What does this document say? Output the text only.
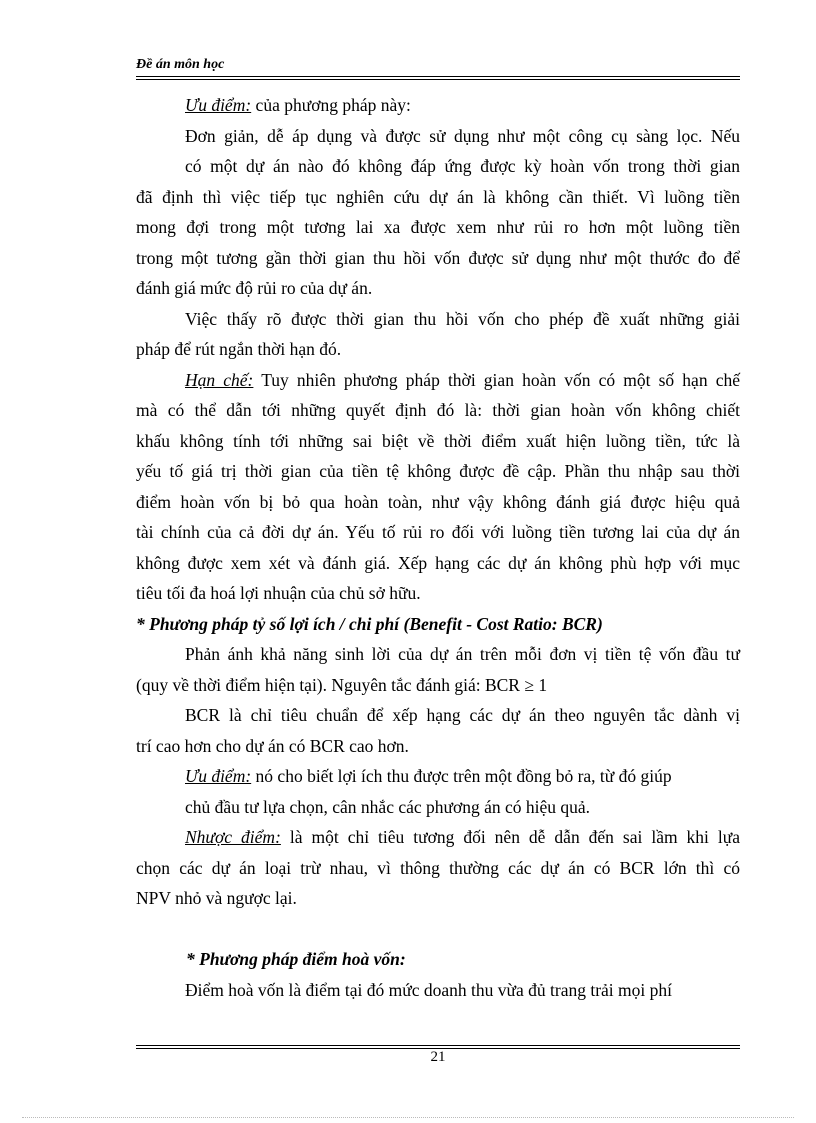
Đề án môn học
Ưu điểm: của phương pháp này:
Đơn giản, dễ áp dụng và được sử dụng như một công cụ sàng lọc. Nếu
có một dự án nào đó không đáp ứng được kỳ hoàn vốn trong thời gian
đã định thì việc tiếp tục nghiên cứu dự án là không cần thiết. Vì luồng tiền
mong đợi trong một tương lai xa được xem như rủi ro hơn một luồng tiền
trong một tương gần thời gian thu hồi vốn được sử dụng như một thước đo để
đánh giá mức độ rủi ro của dự án.
Việc thấy rõ được thời gian thu hồi vốn cho phép đề xuất những giải
pháp để rút ngắn thời hạn đó.
Hạn chế: Tuy nhiên phương pháp thời gian hoàn vốn có một số hạn chế
mà có thể dẫn tới những quyết định đó là: thời gian hoàn vốn không chiết
khấu không tính tới những sai biệt về thời điểm xuất hiện luồng tiền, tức là
yếu tố giá trị thời gian của tiền tệ không được đề cập. Phần thu nhập sau thời
điểm hoàn vốn bị bỏ qua hoàn toàn, như vậy không đánh giá được hiệu quả
tài chính của cả đời dự án. Yếu tố rủi ro đối với luồng tiền tương lai của dự án
không được xem xét và đánh giá. Xếp hạng các dự án không phù hợp với mục
tiêu tối đa hoá lợi nhuận của chủ sở hữu.
* Phương pháp tỷ số lợi ích / chi phí (Benefit - Cost Ratio: BCR)
Phản ánh khả năng sinh lời của dự án trên mỗi đơn vị tiền tệ vốn đầu tư
(quy về thời điểm hiện tại). Nguyên tắc đánh giá: BCR ≥ 1
BCR là chỉ tiêu chuẩn để xếp hạng các dự án theo nguyên tắc dành vị
trí cao hơn cho dự án có BCR cao hơn.
Ưu điểm: nó cho biết lợi ích thu được trên một đồng bỏ ra, từ đó giúp
chủ đầu tư lựa chọn, cân nhắc các phương án có hiệu quả.
Nhược điểm: là một chỉ tiêu tương đối nên dễ dẫn đến sai lầm khi lựa
chọn các dự án loại trừ nhau, vì thông thường các dự án có BCR lớn thì có
NPV nhỏ và ngược lại.
* Phương pháp điểm hoà vốn:
Điểm hoà vốn là điểm tại đó mức doanh thu vừa đủ trang trải mọi phí
21
